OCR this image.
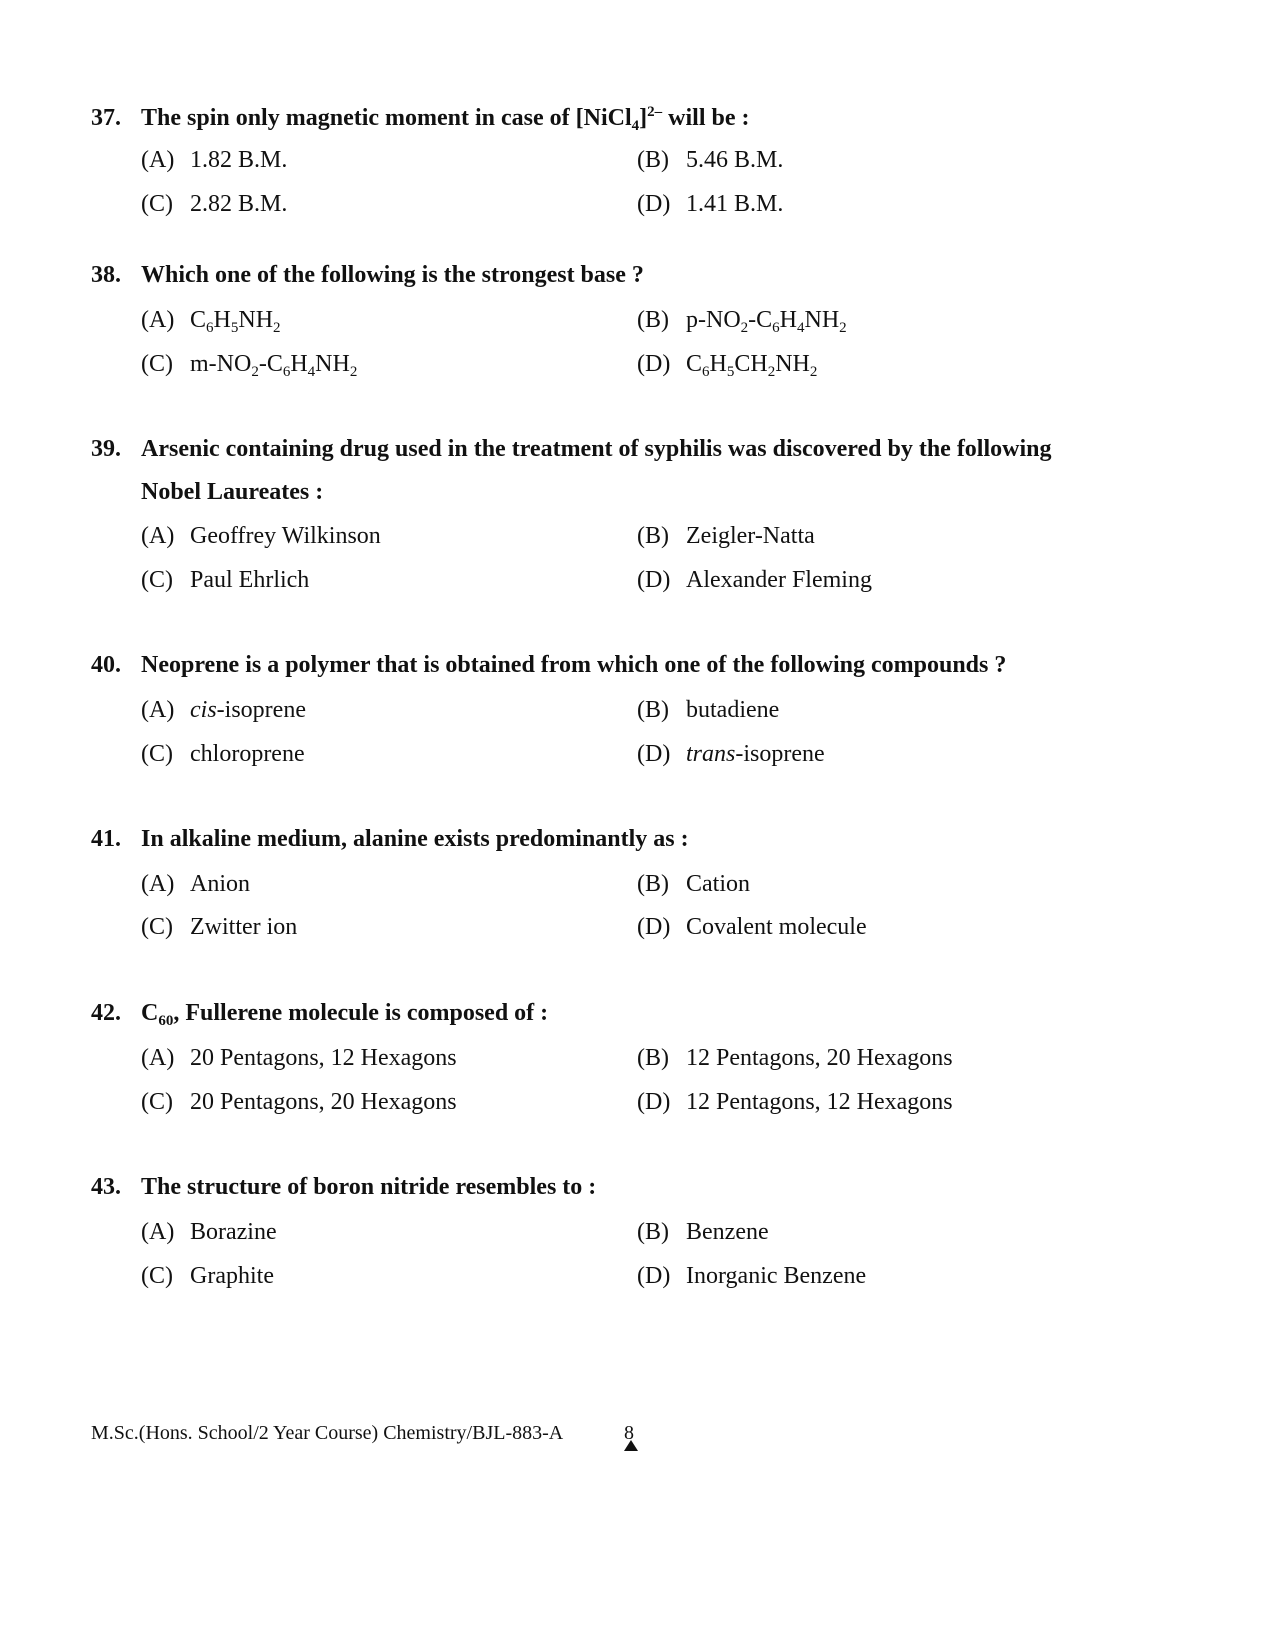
37. The spin only magnetic moment in case of [NiCl$_4$]$^{2-}$ will be :
(A) 1.82 B.M.	(B) 5.46 B.M.
(C) 2.82 B.M.	(D) 1.41 B.M.
38. Which one of the following is the strongest base ?
(A) $C_6H_5NH_2$	(B) $p-NO_2-C_6H_4NH_2$
(C) $m-NO_2-C_6H_4NH_2$	(D) $C_6H_5CH_2NH_2$
39. Arsenic containing drug used in the treatment of syphilis was discovered by the following
Nobel Laureates :
(A) Geoffrey Wilkinson	(B) Zeigler-Natta
(C) Paul Ehrlich	(D) Alexander Fleming
40. Neoprene is a polymer that is obtained from which one of the following compounds ?
(A) cis-isoprene	(B) butadiene
(C) chloroprene	(D) trans-isoprene
41. In alkaline medium, alanine exists predominantly as :
(A) Anion	(B) Cation
(C) Zwitter ion	(D) Covalent molecule
42. $C_{60}$, Fullerene molecule is composed of :
(A) 20 Pentagons, 12 Hexagons	(B) 12 Pentagons, 20 Hexagons
(C) 20 Pentagons, 20 Hexagons	(D) 12 Pentagons, 12 Hexagons
43. The structure of boron nitride resembles to :
(A) Borazine	(B) Benzene
(C) Graphite	(D) Inorganic Benzene
M.Sc.(Hons. School/2 Year Course) Chemistry/BJL-883-A	8
